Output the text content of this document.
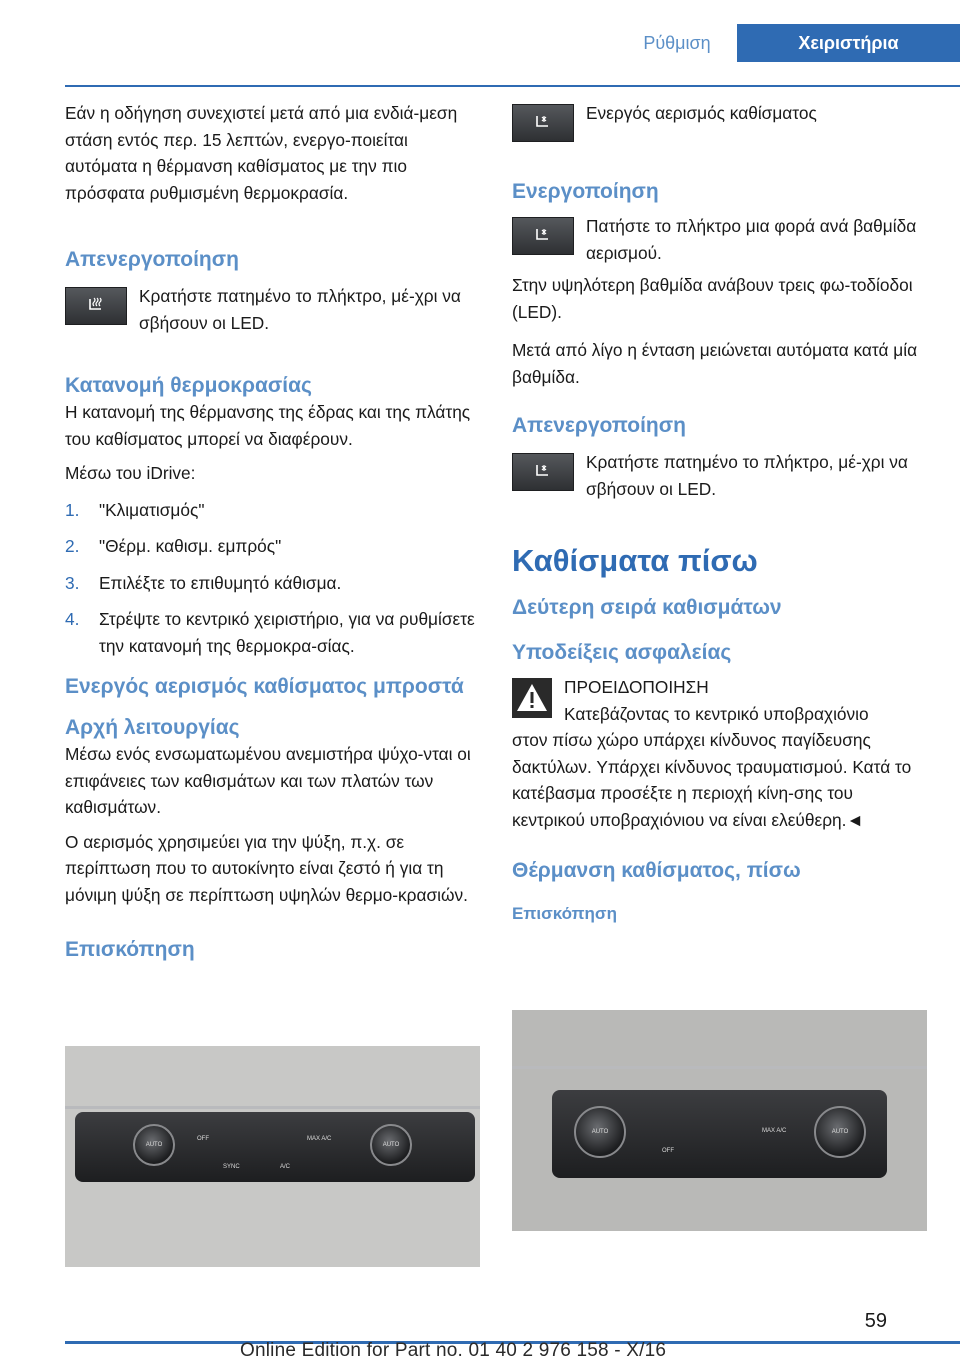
Ρύθμιση	Χειριστήρια

Εάν η οδήγηση συνεχιστεί μετά από μια ενδιά-μεση στάση εντός περ. 15 λεπτών, ενεργο-ποιείται αυτόματα η θέρμανση καθίσματος με την πιο πρόσφατα ρυθμισμένη θερμοκρασία.

Απενεργοποίηση

Κρατήστε πατημένο το πλήκτρο, μέ-χρι να σβήσουν οι LED.

Κατανομή θερμοκρασίας

Η κατανομή της θέρμανσης της έδρας και της πλάτης του καθίσματος μπορεί να διαφέρουν.

Μέσω του iDrive:

1.	"Κλιματισμός"
2.	"Θέρμ. καθισμ. εμπρός"
3.	Επιλέξτε το επιθυμητό κάθισμα.
4.	Στρέψτε το κεντρικό χειριστήριο, για να ρυθμίσετε την κατανομή της θερμοκρα-σίας.
Ενεργός αερισμός καθίσματος μπροστά
Αρχή λειτουργίας

Μέσω ενός ενσωματωμένου ανεμιστήρα ψύχο-νται οι επιφάνειες των καθισμάτων και των πλατών των καθισμάτων.

Ο αερισμός χρησιμεύει για την ψύξη, π.χ. σε περίπτωση που το αυτοκίνητο είναι ζεστό ή για τη μόνιμη ψύξη σε περίπτωση υψηλών θερμο-κρασιών.

Επισκόπηση
AUTO	AUTO
MAX A/C
OFF
SYNC	A/C

Ενεργός αερισμός καθίσματος

Ενεργοποίηση

Πατήστε το πλήκτρο μια φορά ανά βαθμίδα αερισμού.

Στην υψηλότερη βαθμίδα ανάβουν τρεις φω-τοδίοδοι (LED).

Μετά από λίγο η ένταση μειώνεται αυτόματα κατά μία βαθμίδα.

Απενεργοποίηση

Κρατήστε πατημένο το πλήκτρο, μέ-χρι να σβήσουν οι LED.

Καθίσματα πίσω
Δεύτερη σειρά καθισμάτων
Υποδείξεις ασφαλείας

ΠΡΟΕΙΔΟΠΟΙΗΣΗ

Κατεβάζοντας το κεντρικό υποβραχιόνιο

στον πίσω χώρο υπάρχει κίνδυνος παγίδευσης δακτύλων. Υπάρχει κίνδυνος τραυματισμού. Κατά το κατέβασμα προσέξτε η περιοχή κίνη-σης του κεντρικού υποβραχιόνιου να είναι ελεύθερη.◄

Θέρμανση καθίσματος, πίσω
Επισκόπηση
AUTO	AUTO
MAX A/C
OFF
59
Online Edition for Part no. 01 40 2 976 158 - X/16
